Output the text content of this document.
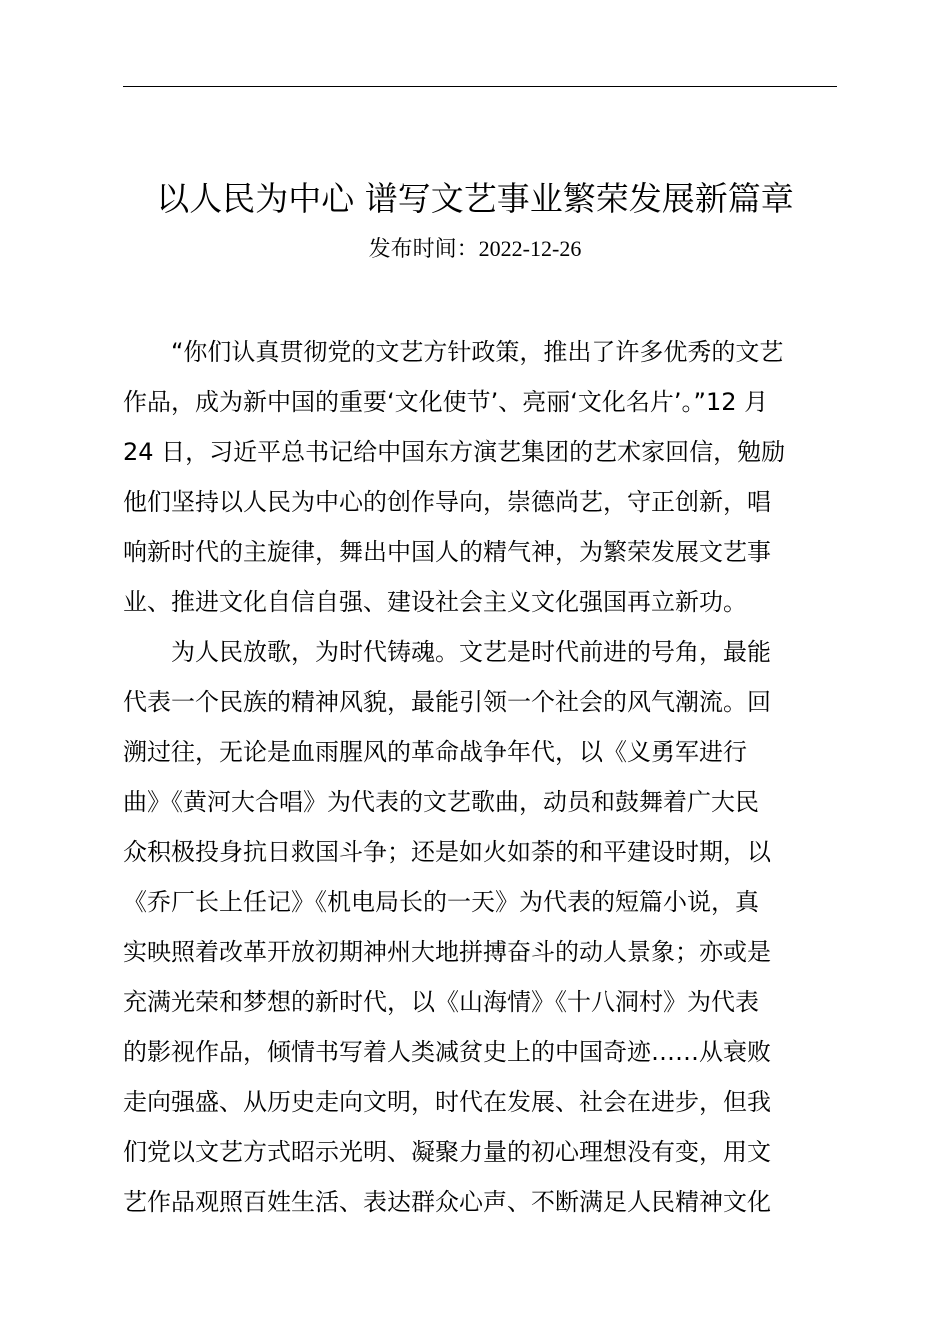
以人民为中心 谱写文艺事业繁荣发展新篇章
发布时间：2022-12-26
“你们认真贯彻党的文艺方针政策，推出了许多优秀的文艺
作品，成为新中国的重要‘文化使节’、亮丽‘文化名片’。”12 月
24 日，习近平总书记给中国东方演艺集团的艺术家回信，勉励
他们坚持以人民为中心的创作导向，崇德尚艺，守正创新，唱
响新时代的主旋律，舞出中国人的精气神，为繁荣发展文艺事
业、推进文化自信自强、建设社会主义文化强国再立新功。
为人民放歌，为时代铸魂。文艺是时代前进的号角，最能
代表一个民族的精神风貌，最能引领一个社会的风气潮流。回
溯过往，无论是血雨腥风的革命战争年代，以《义勇军进行
曲》《黄河大合唱》为代表的文艺歌曲，动员和鼓舞着广大民
众积极投身抗日救国斗争；还是如火如荼的和平建设时期，以
《乔厂长上任记》《机电局长的一天》为代表的短篇小说，真
实映照着改革开放初期神州大地拼搏奋斗的动人景象；亦或是
充满光荣和梦想的新时代，以《山海情》《十八洞村》为代表
的影视作品，倾情书写着人类减贫史上的中国奇迹……从衰败
走向强盛、从历史走向文明，时代在发展、社会在进步，但我
们党以文艺方式昭示光明、凝聚力量的初心理想没有变，用文
艺作品观照百姓生活、表达群众心声、不断满足人民精神文化
